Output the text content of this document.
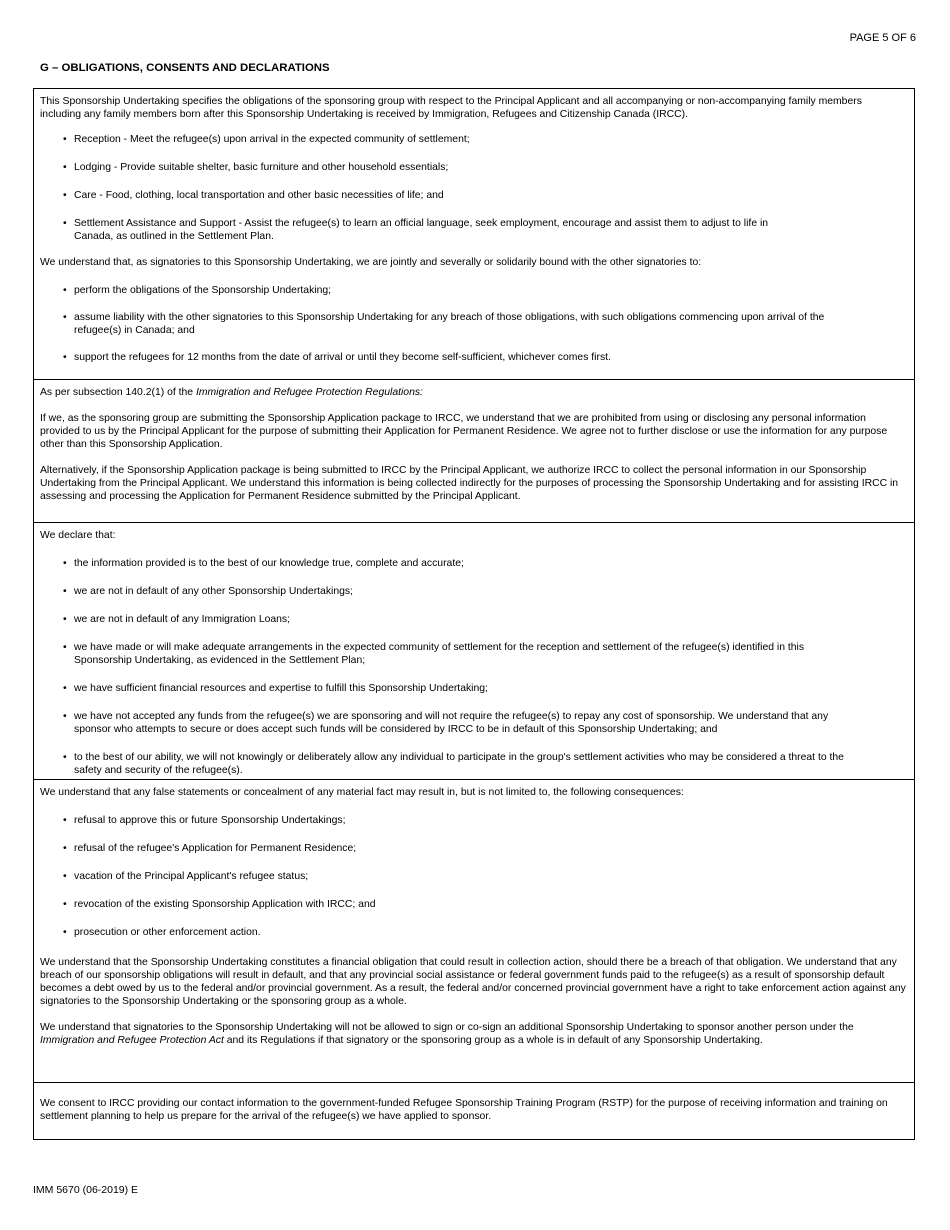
PAGE 5 OF 6
G – OBLIGATIONS, CONSENTS AND DECLARATIONS

This Sponsorship Undertaking specifies the obligations of the sponsoring group with respect to the Principal Applicant and all accompanying or non-accompanying family members including any family members born after this Sponsorship Undertaking is received by Immigration, Refugees and Citizenship Canada (IRCC).

• Reception - Meet the refugee(s) upon arrival in the expected community of settlement;
• Lodging - Provide suitable shelter, basic furniture and other household essentials;
• Care - Food, clothing, local transportation and other basic necessities of life; and
• Settlement Assistance and Support - Assist the refugee(s) to learn an official language, seek employment, encourage and assist them to adjust to life in Canada, as outlined in the Settlement Plan.

We understand that, as signatories to this Sponsorship Undertaking, we are jointly and severally or solidarily bound with the other signatories to:

• perform the obligations of the Sponsorship Undertaking;
• assume liability with the other signatories to this Sponsorship Undertaking for any breach of those obligations, with such obligations commencing upon arrival of the refugee(s) in Canada; and
• support the refugees for 12 months from the date of arrival or until they become self-sufficient, whichever comes first.

As per subsection 140.2(1) of the Immigration and Refugee Protection Regulations:

If we, as the sponsoring group are submitting the Sponsorship Application package to IRCC, we understand that we are prohibited from using or disclosing any personal information provided to us by the Principal Applicant for the purpose of submitting their Application for Permanent Residence. We agree not to further disclose or use the information for any purpose other than this Sponsorship Application.

Alternatively, if the Sponsorship Application package is being submitted to IRCC by the Principal Applicant, we authorize IRCC to collect the personal information in our Sponsorship Undertaking from the Principal Applicant. We understand this information is being collected indirectly for the purposes of processing the Sponsorship Undertaking and for assisting IRCC in assessing and processing the Application for Permanent Residence submitted by the Principal Applicant.

We declare that:

• the information provided is to the best of our knowledge true, complete and accurate;
• we are not in default of any other Sponsorship Undertakings;
• we are not in default of any Immigration Loans;
• we have made or will make adequate arrangements in the expected community of settlement for the reception and settlement of the refugee(s) identified in this Sponsorship Undertaking, as evidenced in the Settlement Plan;
• we have sufficient financial resources and expertise to fulfill this Sponsorship Undertaking;
• we have not accepted any funds from the refugee(s) we are sponsoring and will not require the refugee(s) to repay any cost of sponsorship. We understand that any sponsor who attempts to secure or does accept such funds will be considered by IRCC to be in default of this Sponsorship Undertaking; and
• to the best of our ability, we will not knowingly or deliberately allow any individual to participate in the group's settlement activities who may be considered a threat to the safety and security of the refugee(s).

We understand that any false statements or concealment of any material fact may result in, but is not limited to, the following consequences:

• refusal to approve this or future Sponsorship Undertakings;
• refusal of the refugee's Application for Permanent Residence;
• vacation of the Principal Applicant's refugee status;
• revocation of the existing Sponsorship Application with IRCC; and
• prosecution or other enforcement action.

We understand that the Sponsorship Undertaking constitutes a financial obligation that could result in collection action, should there be a breach of that obligation. We understand that any breach of our sponsorship obligations will result in default, and that any provincial social assistance or federal government funds paid to the refugee(s) as a result of sponsorship default becomes a debt owed by us to the federal and/or provincial government. As a result, the federal and/or concerned provincial government have a right to take enforcement action against any signatories to the Sponsorship Undertaking or the sponsoring group as a whole.

We understand that signatories to the Sponsorship Undertaking will not be allowed to sign or co-sign an additional Sponsorship Undertaking to sponsor another person under the Immigration and Refugee Protection Act and its Regulations if that signatory or the sponsoring group as a whole is in default of any Sponsorship Undertaking.

We consent to IRCC providing our contact information to the government-funded Refugee Sponsorship Training Program (RSTP) for the purpose of receiving information and training on settlement planning to help us prepare for the arrival of the refugee(s) we have applied to sponsor.

IMM 5670 (06-2019) E
